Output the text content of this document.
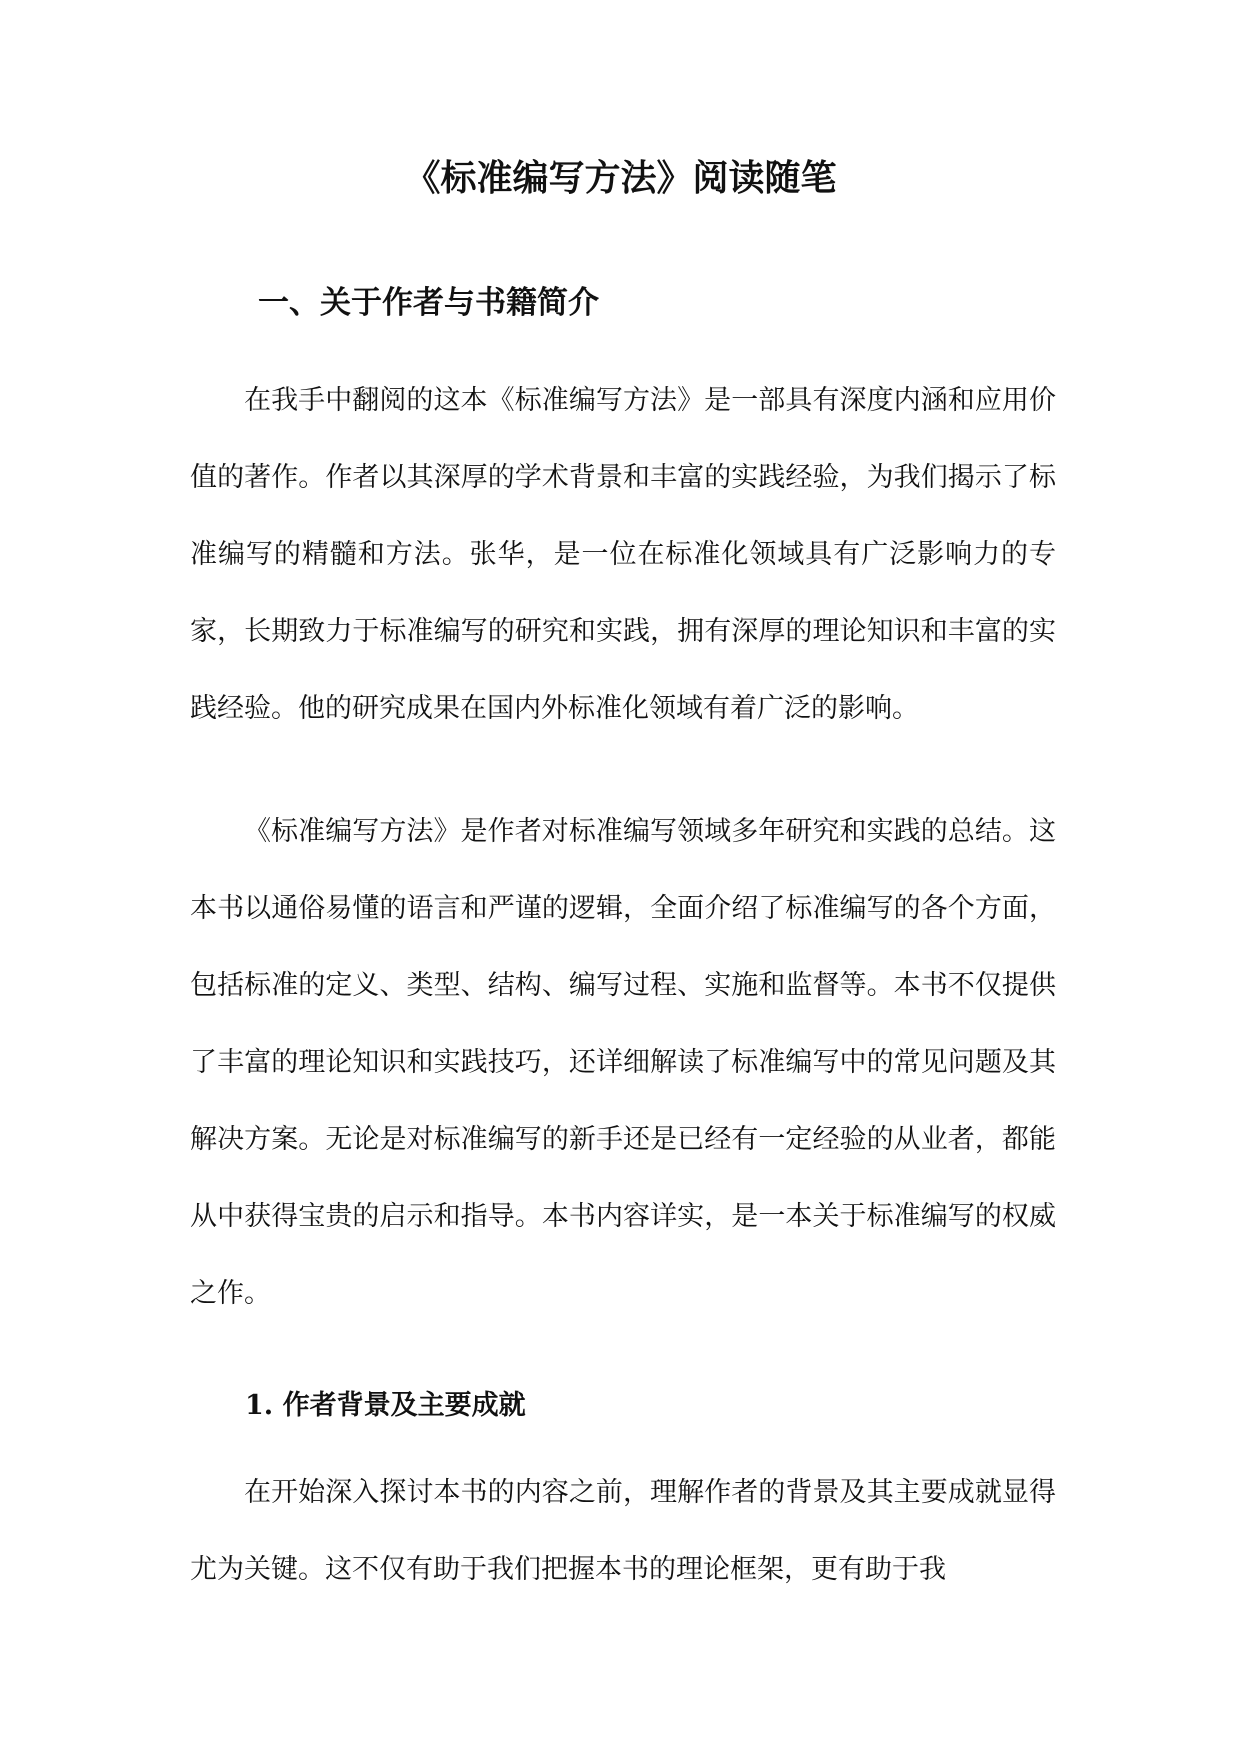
《标准编写方法》阅读随笔
一、关于作者与书籍简介

在我手中翻阅的这本《标准编写方法》是一部具有深度内涵和应用价值的著作。作者以其深厚的学术背景和丰富的实践经验，为我们揭示了标准编写的精髓和方法。张华，是一位在标准化领域具有广泛影响力的专家，长期致力于标准编写的研究和实践，拥有深厚的理论知识和丰富的实践经验。他的研究成果在国内外标准化领域有着广泛的影响。

《标准编写方法》是作者对标准编写领域多年研究和实践的总结。这本书以通俗易懂的语言和严谨的逻辑，全面介绍了标准编写的各个方面，包括标准的定义、类型、结构、编写过程、实施和监督等。本书不仅提供了丰富的理论知识和实践技巧，还详细解读了标准编写中的常见问题及其解决方案。无论是对标准编写的新手还是已经有一定经验的从业者，都能从中获得宝贵的启示和指导。本书内容详实，是一本关于标准编写的权威之作。

1. 作者背景及主要成就

在开始深入探讨本书的内容之前，理解作者的背景及其主要成就显得尤为关键。这不仅有助于我们把握本书的理论框架，更有助于我
